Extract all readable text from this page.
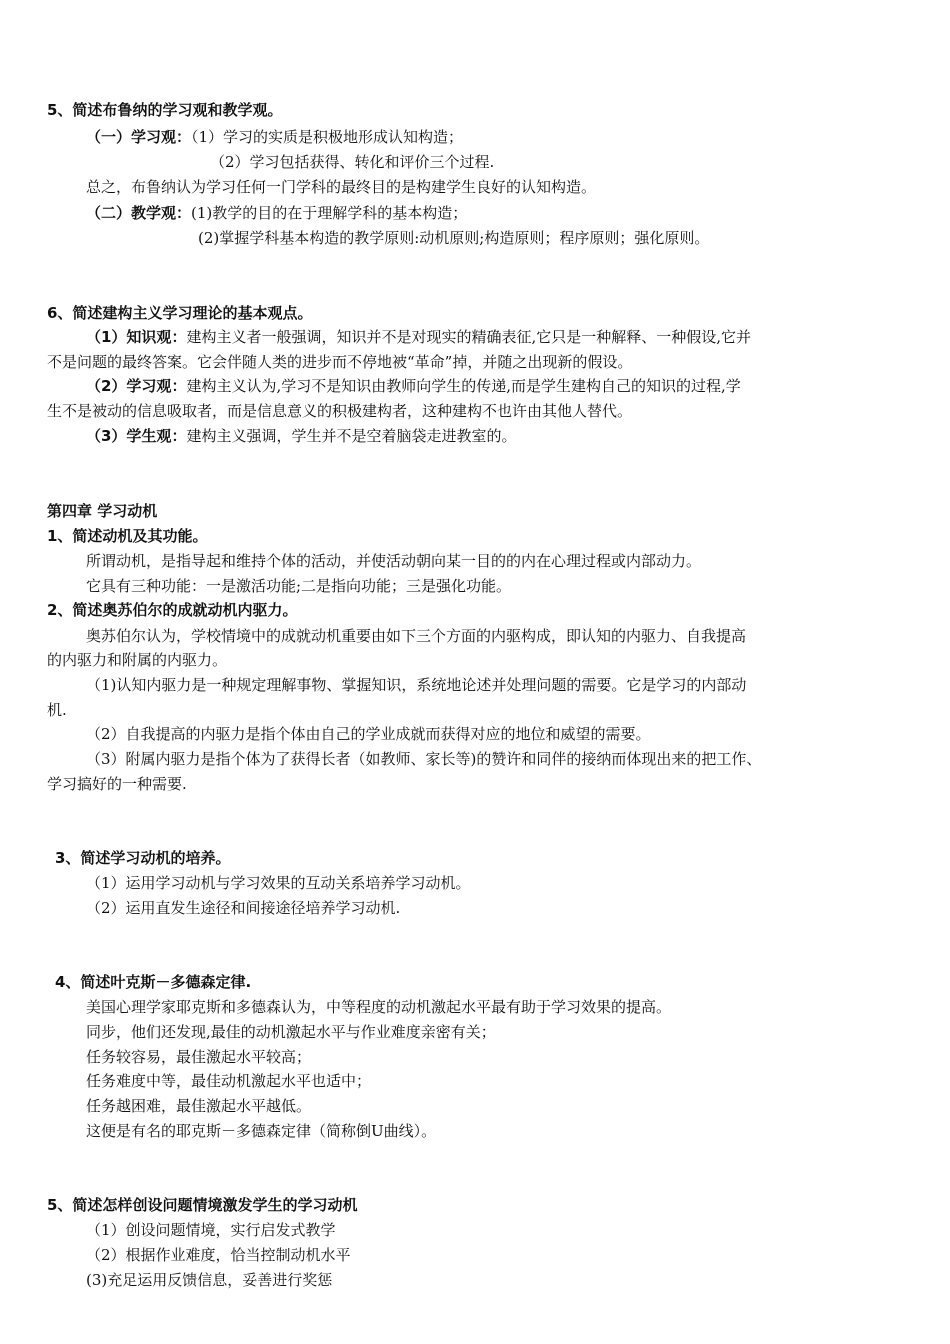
5、简述布鲁纳的学习观和教学观。
（一）学习观：（1）学习的实质是积极地形成认知构造；
（2）学习包括获得、转化和评价三个过程.
总之，布鲁纳认为学习任何一门学科的最终目的是构建学生良好的认知构造。
（二）教学观：(1)教学的目的在于理解学科的基本构造；
(2)掌握学科基本构造的教学原则:动机原则;构造原则；程序原则；强化原则。
6、简述建构主义学习理论的基本观点。
（1）知识观：建构主义者一般强调，知识并不是对现实的精确表征,它只是一种解释、一种假设,它并
不是问题的最终答案。它会伴随人类的进步而不停地被“革命”掉，并随之出现新的假设。
（2）学习观：建构主义认为,学习不是知识由教师向学生的传递,而是学生建构自己的知识的过程,学
生不是被动的信息吸取者，而是信息意义的积极建构者，这种建构不也许由其他人替代。
（3）学生观：建构主义强调，学生并不是空着脑袋走进教室的。
第四章 学习动机
1、简述动机及其功能。
所谓动机，是指导起和维持个体的活动，并使活动朝向某一目的的内在心理过程或内部动力。
它具有三种功能：一是激活功能;二是指向功能；三是强化功能。
2、简述奥苏伯尔的成就动机内驱力。
奥苏伯尔认为，学校情境中的成就动机重要由如下三个方面的内驱构成，即认知的内驱力、自我提高
的内驱力和附属的内驱力。
（1)认知内驱力是一种规定理解事物、掌握知识，系统地论述并处理问题的需要。它是学习的内部动
机.
（2）自我提高的内驱力是指个体由自己的学业成就而获得对应的地位和威望的需要。
（3）附属内驱力是指个体为了获得长者（如教师、家长等)的赞许和同伴的接纳而体现出来的把工作、
学习搞好的一种需要.
3、简述学习动机的培养。
（1）运用学习动机与学习效果的互动关系培养学习动机。
（2）运用直发生途径和间接途径培养学习动机.
4、简述叶克斯－多德森定律.
美国心理学家耶克斯和多德森认为，中等程度的动机激起水平最有助于学习效果的提高。
同步，他们还发现,最佳的动机激起水平与作业难度亲密有关；
任务较容易，最佳激起水平较高；
任务难度中等，最佳动机激起水平也适中；
任务越困难，最佳激起水平越低。
这便是有名的耶克斯－多德森定律（简称倒U曲线）。
5、简述怎样创设问题情境激发学生的学习动机
（1）创设问题情境，实行启发式教学
（2）根据作业难度，恰当控制动机水平
(3)充足运用反馈信息，妥善进行奖惩
